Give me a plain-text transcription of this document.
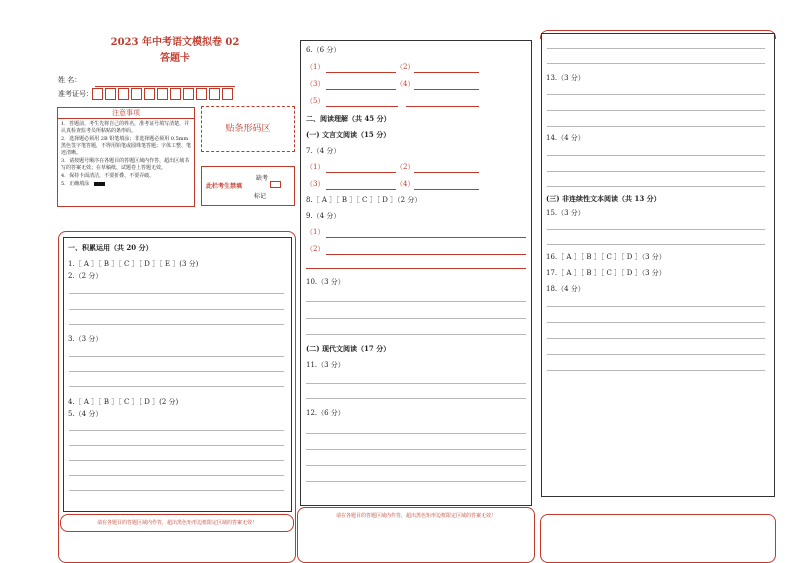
2023 年中考语文模拟卷 02
答题卡
姓 名：
准考证号：
注意事项
1．答题前，考生先将自己的姓名，准考证号填写清楚，并认真检查监考员所粘贴的条形码。
2．选择题必须用 2B 铅笔填涂；非选择题必须用 0.5mm 黑色签字笔答题，不得用铅笔或圆珠笔答题；字体工整、笔迹清晰。
3．请按题号顺序在各题目的答题区域内作答，超出区域书写的答案无效；在草稿纸、试题卷上答题无效。
4．保持卡面清洁，不要折叠、不要弄破。
5．正确填涂
贴条形码区
此栏考生禁填
缺考
标记
一、积累运用（共 20 分）
1.［ A ］［ B ］［ C ］［ D ］［ E ］(3 分)
2.（2 分）
3.（3 分）
4.［ A ］［ B ］［ C ］［ D ］(2 分)
5.（4 分）
请在各题目的答题区域内作答，超出黑色矩形边框限定区域的答案无效！
6.（6 分）
（1）	（2）
（3）	（4）
（5）
二、阅读理解（共 45 分）
(一) 文言文阅读（15 分）
7.（4 分）
（1）	（2）
（3）	（4）
8.［ A ］［ B ］［ C ］［ D ］（2 分）
9.（4 分）
（1）
（2）
10.（3 分）
(二) 现代文阅读（17 分）
11.（3 分）
12.（6 分）
请在各题目的答题区域内作答，超出黑色矩形边框限定区域的答案无效！
13.（3 分）
14.（4 分）
(三) 非连续性文本阅读（共 13 分）
15.（3 分）
16.［ A ］［ B ］［ C ］［ D ］（3 分）
17.［ A ］［ B ］［ C ］［ D ］（3 分）
18.（4 分）
